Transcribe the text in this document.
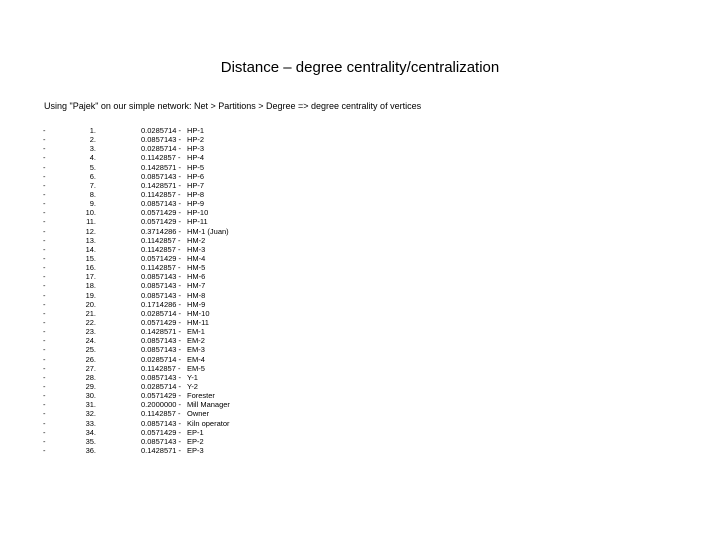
Distance – degree centrality/centralization
Using "Pajek" on our simple network: Net > Partitions > Degree => degree centrality of vertices
-	1.	0.0285714 - HP-1
-	2.	0.0857143 - HP-2
-	3.	0.0285714 - HP-3
-	4.	0.1142857 - HP-4
-	5.	0.1428571 - HP-5
-	6.	0.0857143 - HP-6
-	7.	0.1428571 - HP-7
-	8.	0.1142857 - HP-8
-	9.	0.0857143 - HP-9
-	10.	0.0571429 - HP-10
-	11.	0.0571429 - HP-11
-	12.	0.3714286 - HM-1 (Juan)
-	13.	0.1142857 - HM-2
-	14.	0.1142857 - HM-3
-	15.	0.0571429 - HM-4
-	16.	0.1142857 - HM-5
-	17.	0.0857143 - HM-6
-	18.	0.0857143 - HM-7
-	19.	0.0857143 - HM-8
-	20.	0.1714286 - HM-9
-	21.	0.0285714 - HM-10
-	22.	0.0571429 - HM-11
-	23.	0.1428571 - EM-1
-	24.	0.0857143 - EM-2
-	25.	0.0857143 - EM-3
-	26.	0.0285714 - EM-4
-	27.	0.1142857 - EM-5
-	28.	0.0857143 - Y-1
-	29.	0.0285714 - Y-2
-	30.	0.0571429 - Forester
-	31.	0.2000000 - Mill Manager
-	32.	0.1142857 - Owner
-	33.	0.0857143 - Kiln operator
-	34.	0.0571429 - EP-1
-	35.	0.0857143 - EP-2
-	36.	0.1428571 - EP-3
